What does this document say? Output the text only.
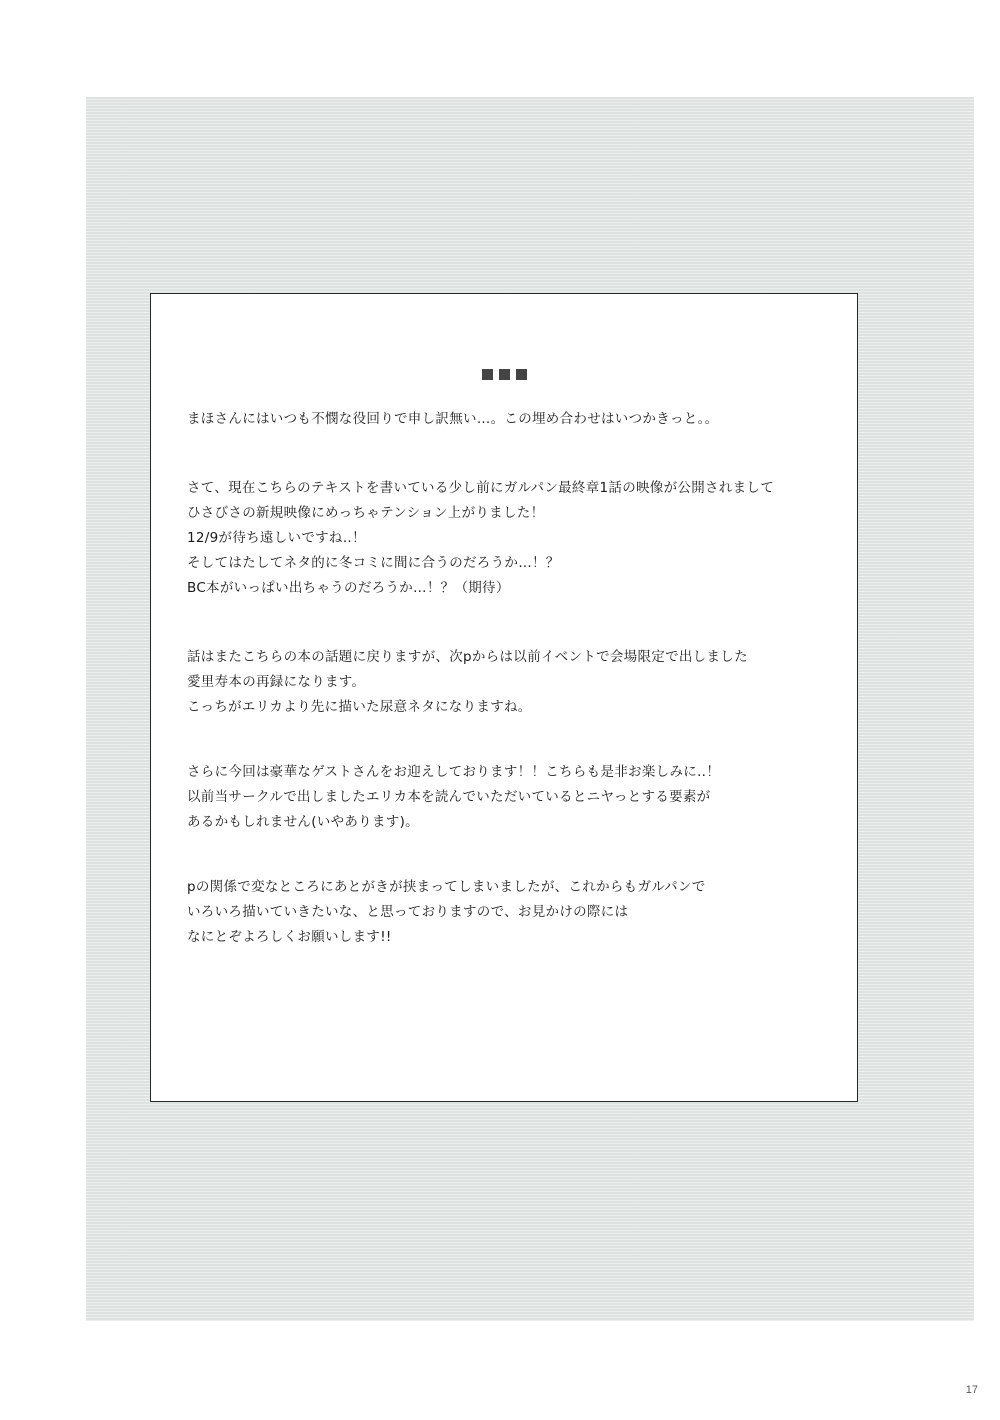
まほさんにはいつも不憫な役回りで申し訳無い…。この埋め合わせはいつかきっと。。
さて、現在こちらのテキストを書いている少し前にガルパン最終章1話の映像が公開されまして
ひさびさの新規映像にめっちゃテンション上がりました！
12/9が待ち遠しいですね‥！
そしてはたしてネタ的に冬コミに間に合うのだろうか…！？
BC本がいっぱい出ちゃうのだろうか…！？（期待）
話はまたこちらの本の話題に戻りますが、次pからは以前イベントで会場限定で出しました
愛里寿本の再録になります。
こっちがエリカより先に描いた尿意ネタになりますね。
さらに今回は豪華なゲストさんをお迎えしております！！こちらも是非お楽しみに‥！
以前当サークルで出しましたエリカ本を読んでいただいているとニヤっとする要素が
あるかもしれません(いやあります)。
pの関係で変なところにあとがきが挟まってしまいましたが、これからもガルパンで
いろいろ描いていきたいな、と思っておりますので、お見かけの際には
なにとぞよろしくお願いします!!
17
